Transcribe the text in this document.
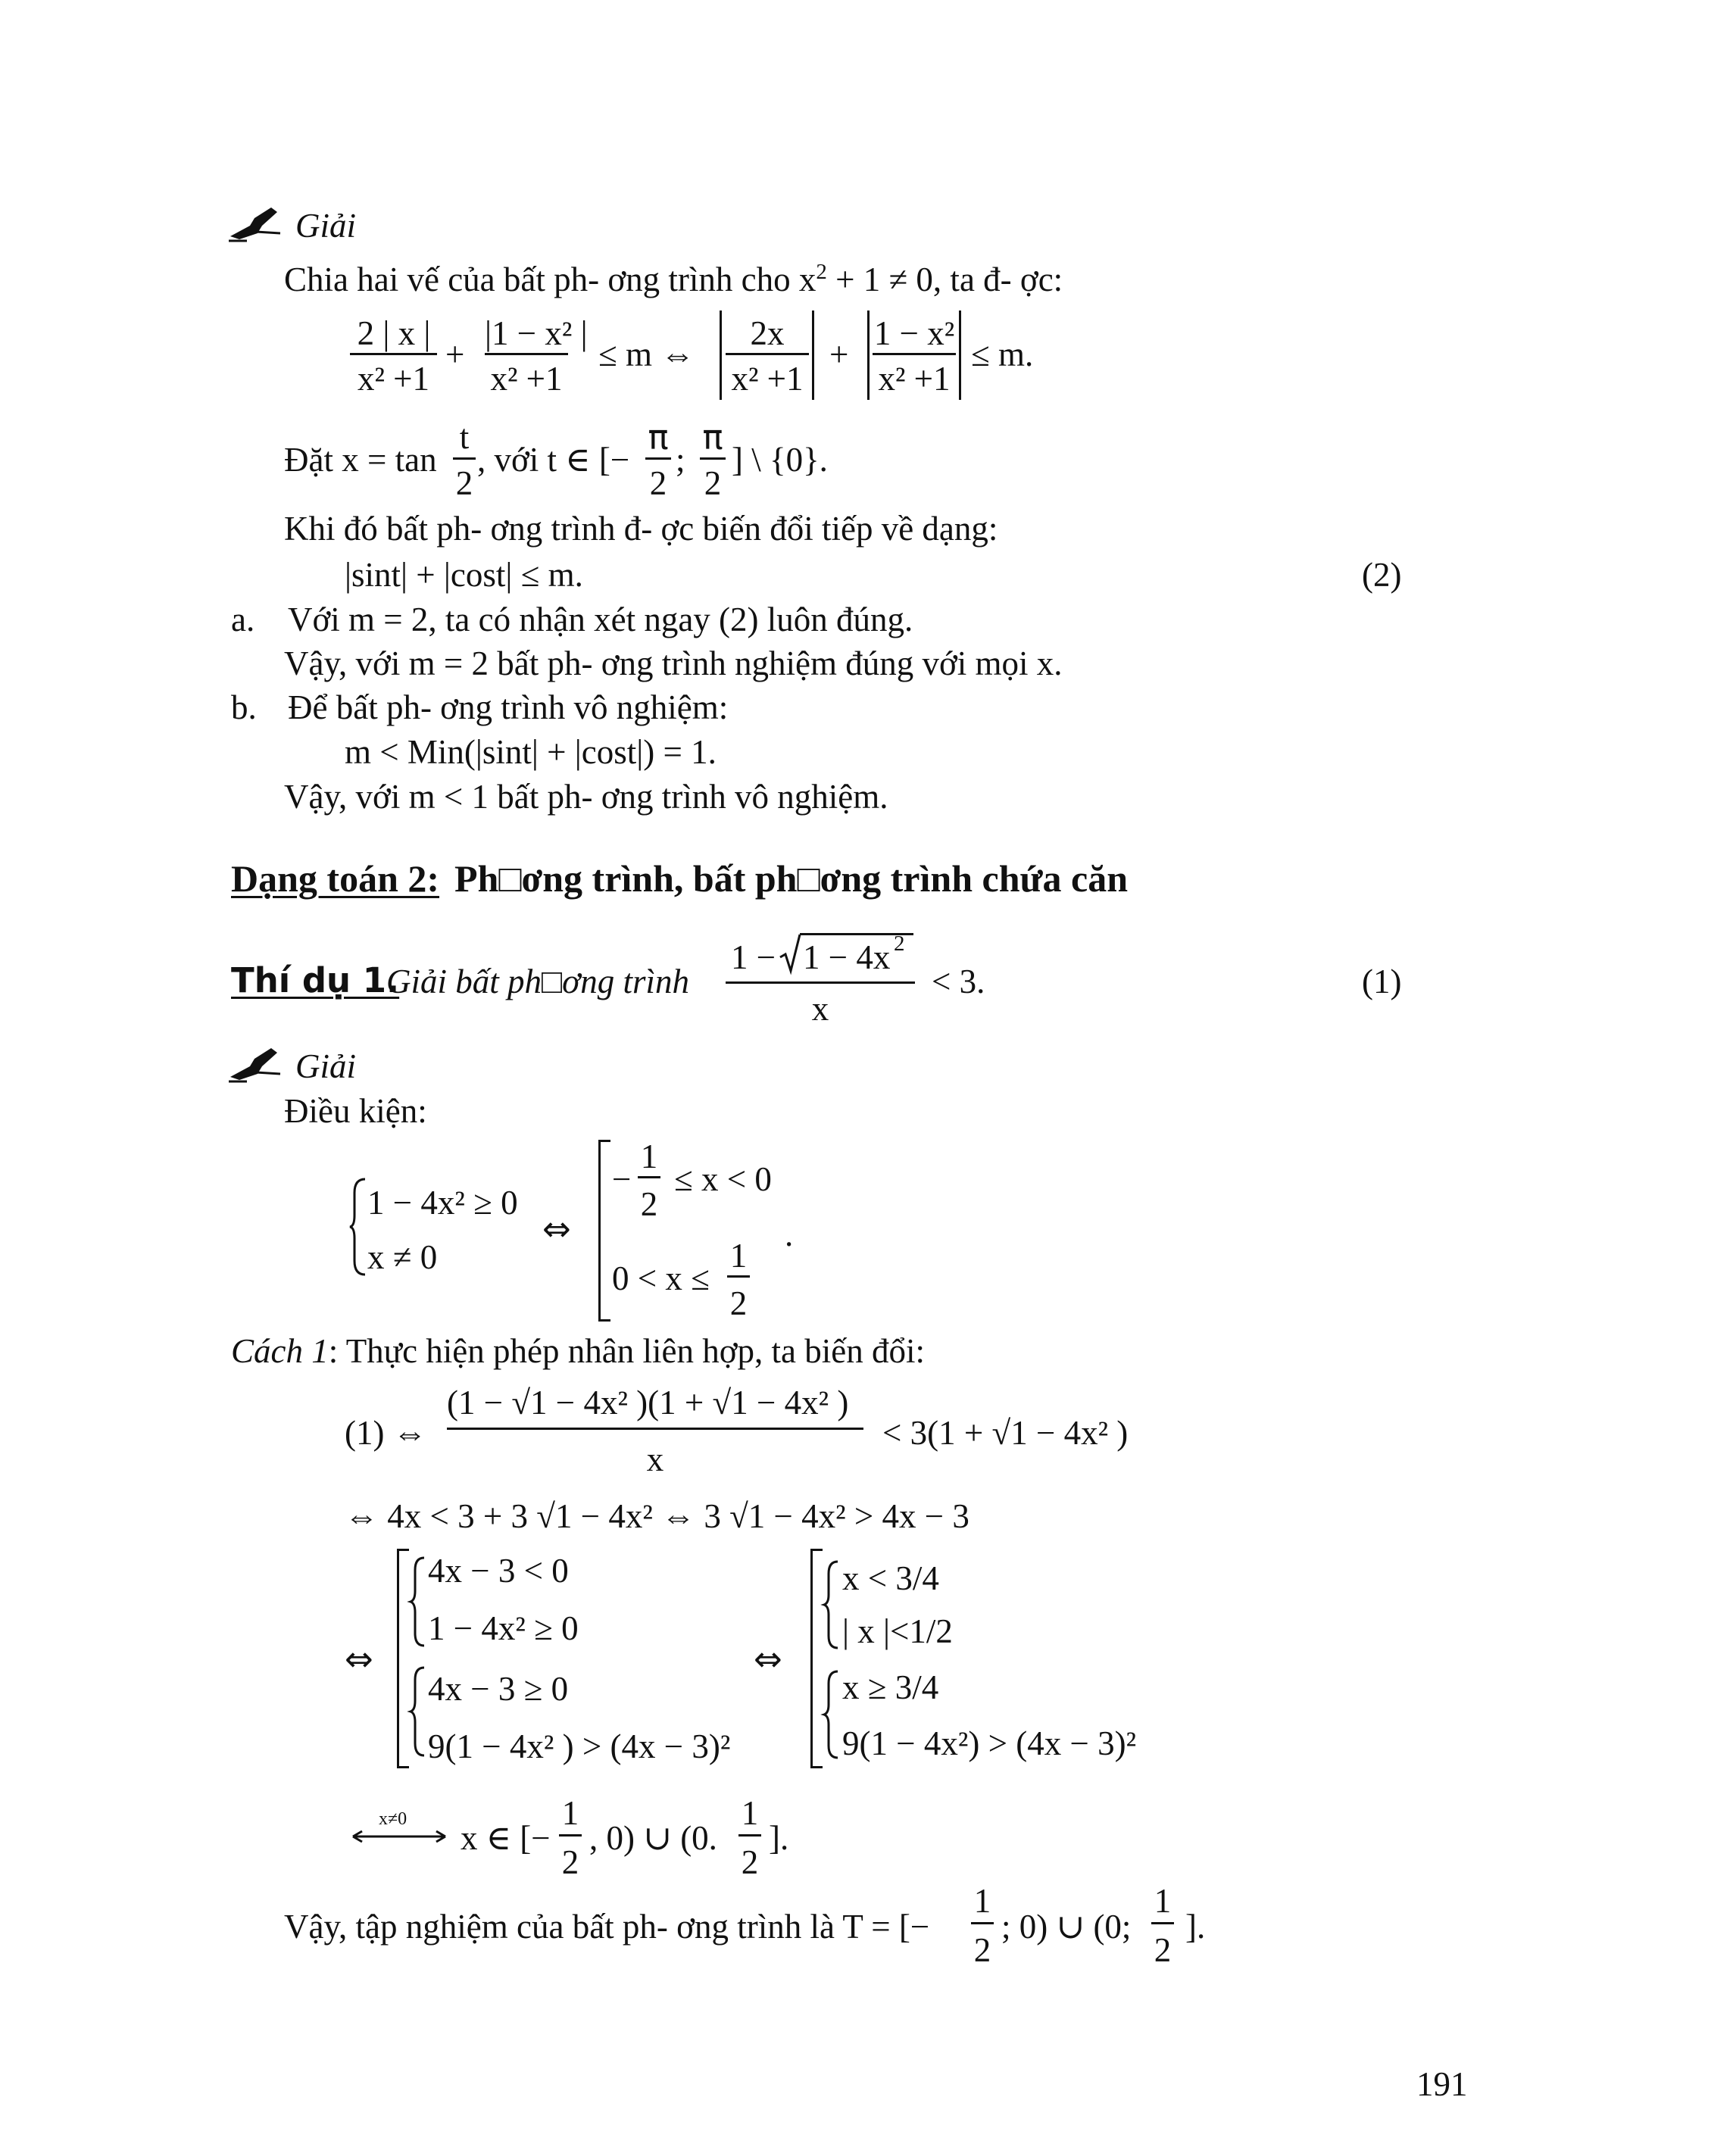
Giải
Chia hai vế của bất ph- ơng trình cho $x^2 + 1 \ne 0$, ta đ- ợc:
2 | x |
x² +1
+
|1 − x² |
x² +1
≤ m ⇔
2x
x² +1
+
1 − x²
x² +1
≤ m.
Đặt x = tan
t
2
, với t ∈ [−
π
2
;
π
2
] \ {0}.
Khi đó bất ph- ơng trình đ- ợc biến đổi tiếp về dạng:
|sint| + |cost| ≤ m.	(2)
a. Với m = 2, ta có nhận xét ngay (2) luôn đúng.
Vậy, với m = 2 bất ph- ơng trình nghiệm đúng với mọi x.
b. Để bất ph- ơng trình vô nghiệm:
m < Min(|sint| + |cost|) = 1.
Vậy, với m < 1 bất ph- ơng trình vô nghiệm.
Dạng toán 2: Ph□ơng trình, bất ph□ơng trình chứa căn
Thí dụ 1.
Giải bất ph□ơng trình
1 − 1 − 4x 2
x
< 3.	(1)
Giải
Điều kiện:
1 − 4x² ≥ 0
x ≠ 0
⇔
−
1
2
≤ x < 0
0 < x ≤
1
2
.
Cách 1: Thực hiện phép nhân liên hợp, ta biến đổi:
(1) ⇔
(1 − √1 − 4x² )(1 + √1 − 4x² )
x
< 3(1 + √1 − 4x² )
⇔ 4x < 3 + 3 √1 − 4x² ⇔ 3 √1 − 4x² > 4x − 3
4x − 3 < 0
1 − 4x² ≥ 0
4x − 3 ≥ 0
9(1 − 4x² ) > (4x − 3)²
⇔	⇔
x < 3/4
| x |<1/2
x ≥ 3/4
9(1 − 4x²) > (4x − 3)²
x≠0 x ∈ [−
1
2
, 0) ∪ (0.
1
2
].
Vậy, tập nghiệm của bất ph- ơng trình là T = [−
1
2
; 0) ∪ (0;
1
2
].
191
